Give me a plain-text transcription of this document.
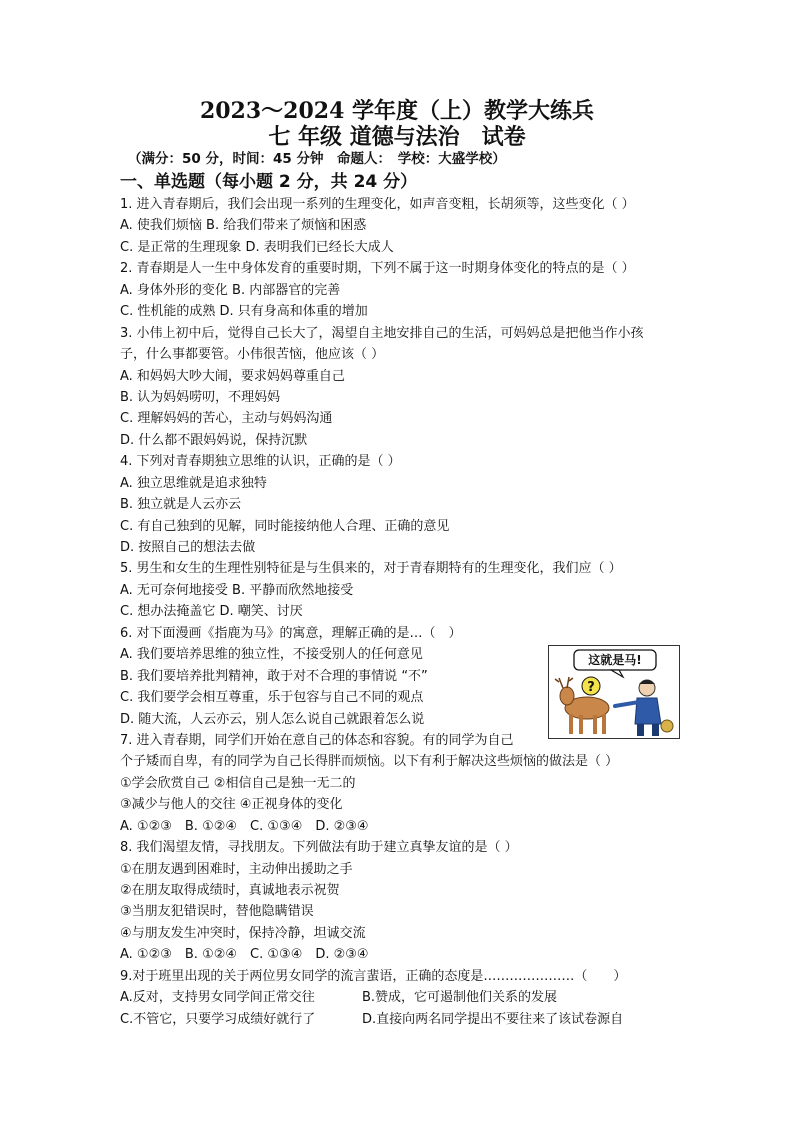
2023～2024 学年度（上）教学大练兵
七 年级 道德与法治　试卷
（满分：50 分，时间：45 分钟　命题人：　学校：大盛学校）
一、单选题（每小题 2 分，共 24 分）
1. 进入青春期后，我们会出现一系列的生理变化，如声音变粗，长胡须等，这些变化（ ）
A. 使我们烦恼 B. 给我们带来了烦恼和困惑
C. 是正常的生理现象 D. 表明我们已经长大成人
2. 青春期是人一生中身体发育的重要时期，下列不属于这一时期身体变化的特点的是（ ）
A. 身体外形的变化 B. 内部器官的完善
C. 性机能的成熟 D. 只有身高和体重的增加
3. 小伟上初中后，觉得自己长大了，渴望自主地安排自己的生活，可妈妈总是把他当作小孩
子，什么事都要管。小伟很苦恼，他应该（ ）
A. 和妈妈大吵大闹，要求妈妈尊重自己
B. 认为妈妈唠叨，不理妈妈
C. 理解妈妈的苦心，主动与妈妈沟通
D. 什么都不跟妈妈说，保持沉默
4. 下列对青春期独立思维的认识，正确的是（ ）
A. 独立思维就是追求独特
B. 独立就是人云亦云
C. 有自己独到的见解，同时能接纳他人合理、正确的意见
D. 按照自己的想法去做
5. 男生和女生的生理性别特征是与生俱来的，对于青春期特有的生理变化，我们应（ ）
A. 无可奈何地接受 B. 平静而欣然地接受
C. 想办法掩盖它 D. 嘲笑、讨厌
6. 对下面漫画《指鹿为马》的寓意，理解正确的是…（　）
A. 我们要培养思维的独立性，不接受别人的任何意见
B. 我们要培养批判精神，敢于对不合理的事情说 “不”
C. 我们要学会相互尊重，乐于包容与自己不同的观点
D. 随大流，人云亦云，别人怎么说自己就跟着怎么说
7. 进入青春期，同学们开始在意自己的体态和容貌。有的同学为自己
个子矮而自卑，有的同学为自己长得胖而烦恼。以下有利于解决这些烦恼的做法是（ ）
①学会欣赏自己 ②相信自己是独一无二的
③减少与他人的交往 ④正视身体的变化
A. ①②③　B. ①②④　C. ①③④　D. ②③④
8. 我们渴望友情，寻找朋友。下列做法有助于建立真挚友谊的是（ ）
①在朋友遇到困难时，主动伸出援助之手
②在朋友取得成绩时，真诚地表示祝贺
③当朋友犯错误时，替他隐瞒错误
④与朋友发生冲突时，保持冷静，坦诚交流
A. ①②③　B. ①②④　C. ①③④　D. ②③④
9.对于班里出现的关于两位男女同学的流言蜚语，正确的态度是…………………（　　）
A.反对，支持男女同学间正常交往	B.赞成，它可遏制他们关系的发展
C.不管它，只要学习成绩好就行了	D.直接向两名同学提出不要往来了该试卷源自
这就是马!
?
